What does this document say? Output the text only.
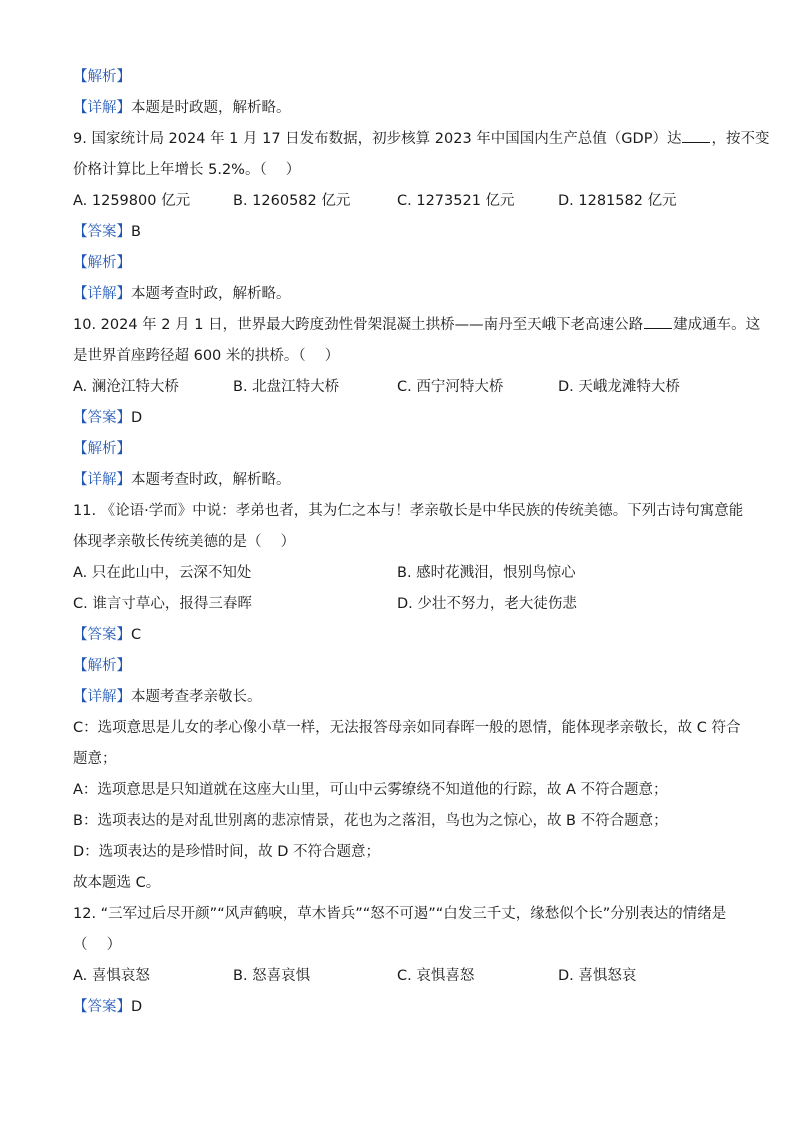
【解析】
【详解】本题是时政题，解析略。
9. 国家统计局 2024 年 1 月 17 日发布数据，初步核算 2023 年中国国内生产总值（GDP）达 ，按不变
价格计算比上年增长 5.2%。（　 ）
A. 1259800 亿元	B. 1260582 亿元	C. 1273521 亿元	D. 1281582 亿元
【答案】B
【解析】
【详解】本题考查时政，解析略。
10. 2024 年 2 月 1 日，世界最大跨度劲性骨架混凝土拱桥——南丹至天峨下老高速公路 建成通车。这
是世界首座跨径超 600 米的拱桥。（　 ）
A. 澜沧江特大桥	B. 北盘江特大桥	C. 西宁河特大桥	D. 天峨龙滩特大桥
【答案】D
【解析】
【详解】本题考查时政，解析略。
11. 《论语·学而》中说：孝弟也者，其为仁之本与！孝亲敬长是中华民族的传统美德。下列古诗句寓意能
体现孝亲敬长传统美德的是（　 ）
A. 只在此山中，云深不知处	B. 感时花溅泪，恨别鸟惊心
C. 谁言寸草心，报得三春晖	D. 少壮不努力，老大徒伤悲
【答案】C
【解析】
【详解】本题考查孝亲敬长。
C：选项意思是儿女的孝心像小草一样，无法报答母亲如同春晖一般的恩情，能体现孝亲敬长，故 C 符合
题意；
A：选项意思是只知道就在这座大山里，可山中云雾缭绕不知道他的行踪，故 A 不符合题意；
B：选项表达的是对乱世别离的悲凉情景，花也为之落泪，鸟也为之惊心，故 B 不符合题意；
D：选项表达的是珍惜时间，故 D 不符合题意；
故本题选 C。
12. “三军过后尽开颜”“风声鹤唳，草木皆兵”“怒不可遏”“白发三千丈，缘愁似个长”分别表达的情绪是
（　 ）
A. 喜惧哀怒	B. 怒喜哀惧	C. 哀惧喜怒	D. 喜惧怒哀
【答案】D
